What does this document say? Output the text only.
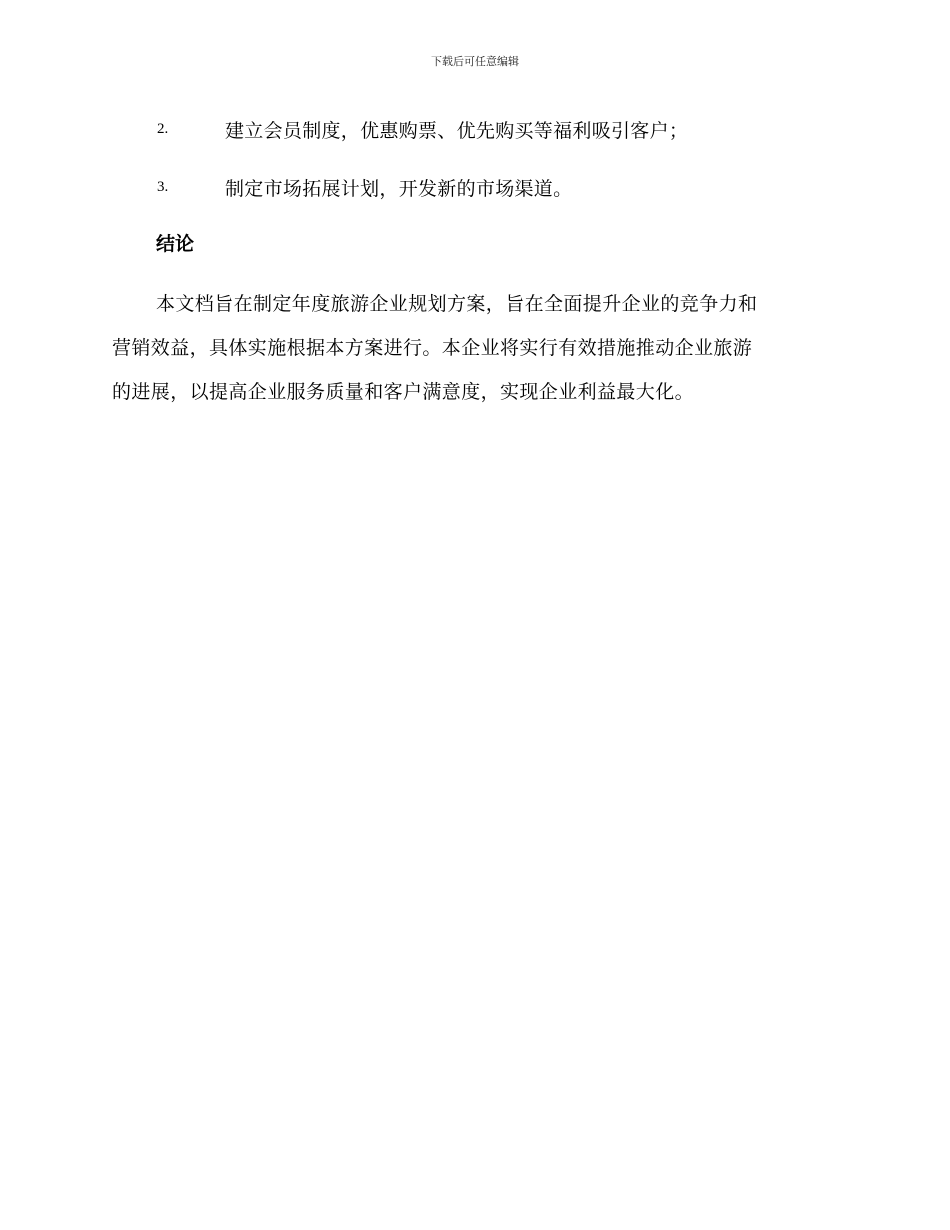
下载后可任意编辑
2.	建立会员制度，优惠购票、优先购买等福利吸引客户；
3.	制定市场拓展计划，开发新的市场渠道。
结论
本文档旨在制定年度旅游企业规划方案，旨在全面提升企业的竞争力和
营销效益，具体实施根据本方案进行。本企业将实行有效措施推动企业旅游
的进展，以提高企业服务质量和客户满意度，实现企业利益最大化。
